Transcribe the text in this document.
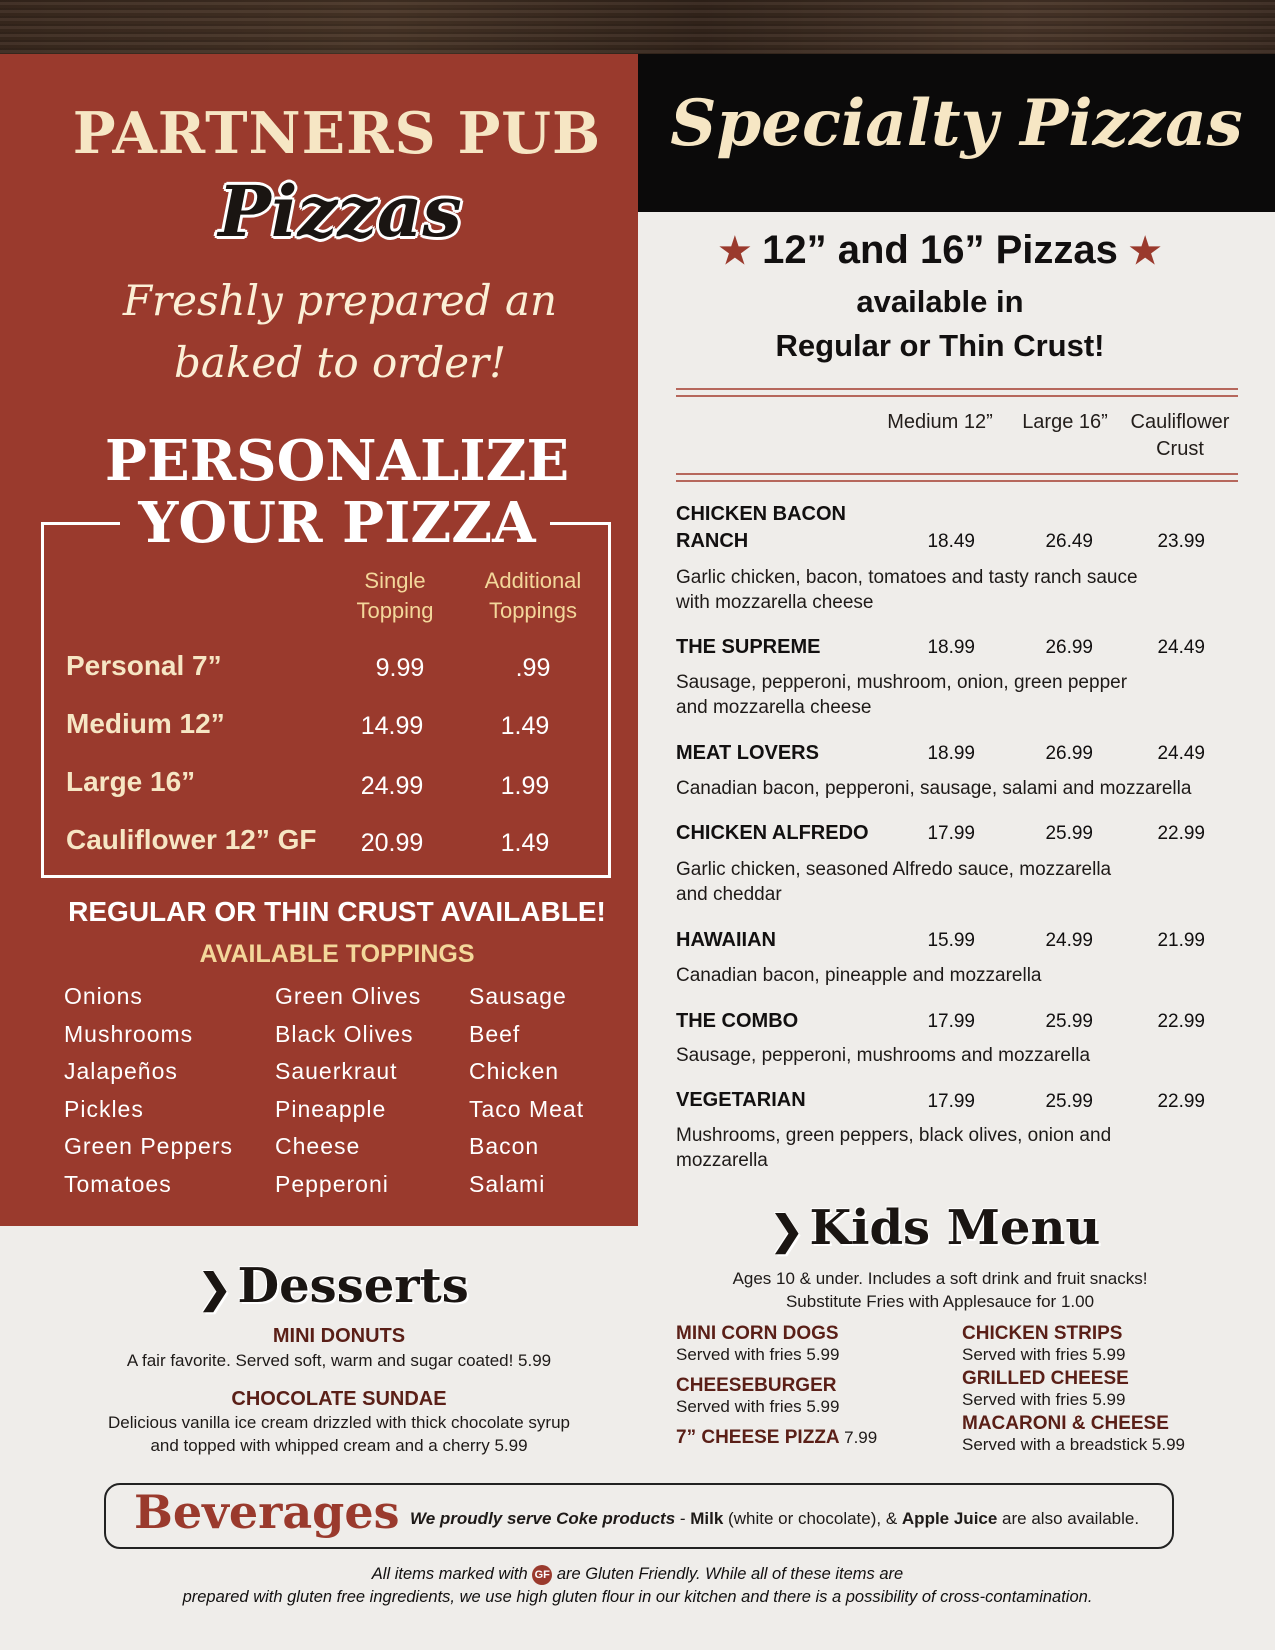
PARTNERS PUB
Pizzas
Freshly prepared an
baked to order!
PERSONALIZE
YOUR PIZZA
Single
Topping
Additional
Toppings
Personal 7”	9.99	.99
Medium 12”	14.99	1.49
Large 16”	24.99	1.99
Cauliflower 12” GF	20.99	1.49
REGULAR OR THIN CRUST AVAILABLE!
AVAILABLE TOPPINGS
Onions
Mushrooms
Jalapeños
Pickles
Green Peppers
Tomatoes
Green Olives
Black Olives
Sauerkraut
Pineapple
Cheese
Pepperoni
Sausage
Beef
Chicken
Taco Meat
Bacon
Salami
Specialty Pizzas
★ 12” and 16” Pizzas ★
available in
Regular or Thin Crust!
Medium 12”	Large 16”	Cauliflower
Crust
CHICKEN BACON
RANCH	18.49	26.49	23.99
Garlic chicken, bacon, tomatoes and tasty ranch sauce
with mozzarella cheese
THE SUPREME	18.99	26.99	24.49
Sausage, pepperoni, mushroom, onion, green pepper
and mozzarella cheese
MEAT LOVERS	18.99	26.99	24.49
Canadian bacon, pepperoni, sausage, salami and mozzarella
CHICKEN ALFREDO	17.99	25.99	22.99
Garlic chicken, seasoned Alfredo sauce, mozzarella
and cheddar
HAWAIIAN	15.99	24.99	21.99
Canadian bacon, pineapple and mozzarella
THE COMBO	17.99	25.99	22.99
Sausage, pepperoni, mushrooms and mozzarella
VEGETARIAN	17.99	25.99	22.99
Mushrooms, green peppers, black olives, onion and
mozzarella
❯ Kids Menu
Ages 10 & under. Includes a soft drink and fruit snacks!
Substitute Fries with Applesauce for 1.00
MINI CORN DOGS
Served with fries 5.99
CHEESEBURGER
Served with fries 5.99
7” CHEESE PIZZA 7.99
CHICKEN STRIPS
Served with fries 5.99
GRILLED CHEESE
Served with fries 5.99
MACARONI & CHEESE
Served with a breadstick 5.99
❯ Desserts
MINI DONUTS
A fair favorite. Served soft, warm and sugar coated! 5.99
CHOCOLATE SUNDAE
Delicious vanilla ice cream drizzled with thick chocolate syrup
and topped with whipped cream and a cherry 5.99
Beverages We proudly serve Coke products - Milk (white or chocolate), & Apple Juice are also available.
All items marked with GF are Gluten Friendly. While all of these items are
prepared with gluten free ingredients, we use high gluten flour in our kitchen and there is a possibility of cross-contamination.
